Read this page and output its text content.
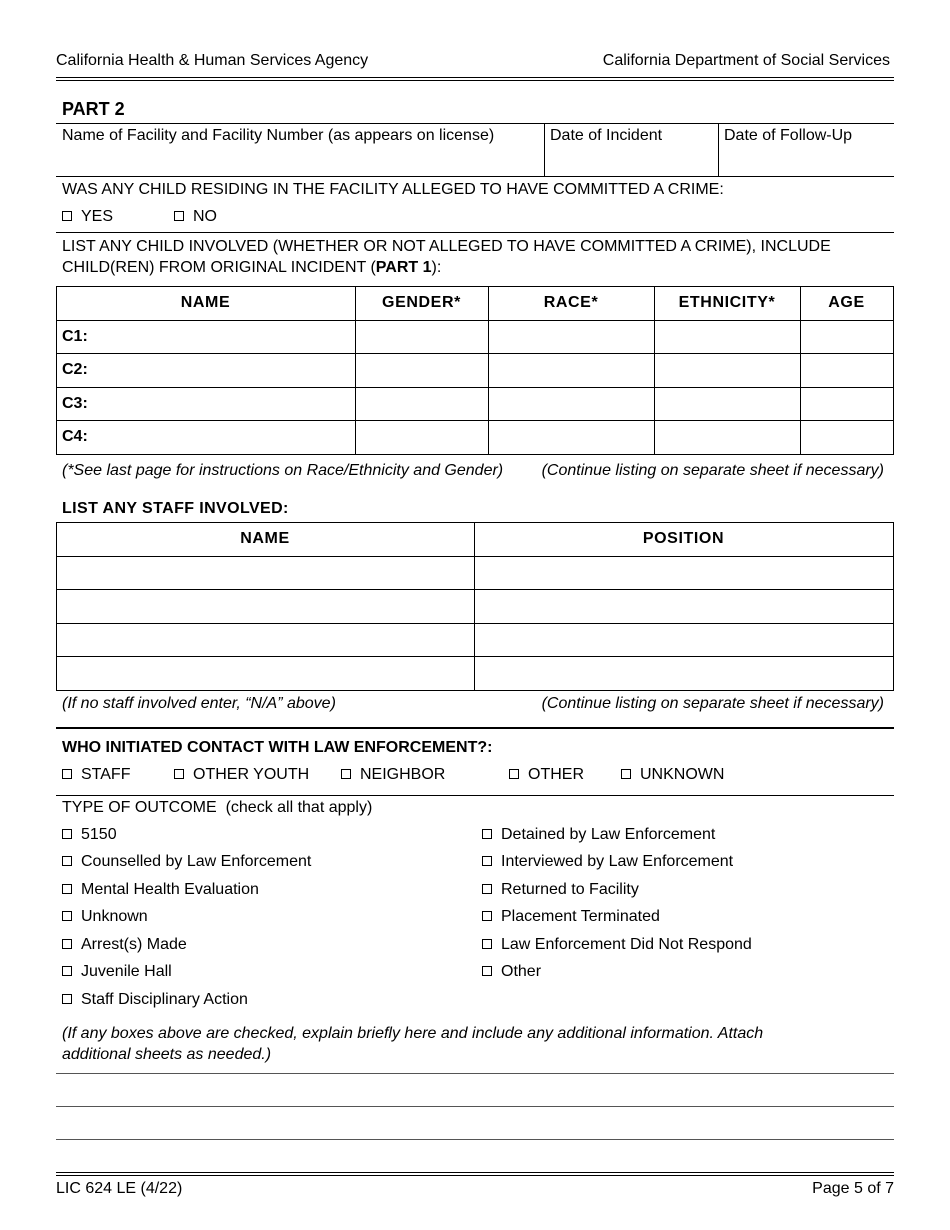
California Health & Human Services Agency	California Department of Social Services
PART 2
Name of Facility and Facility Number (as appears on license)	Date of Incident	Date of Follow-Up
WAS ANY CHILD RESIDING IN THE FACILITY ALLEGED TO HAVE COMMITTED A CRIME:
YES	NO
LIST ANY CHILD INVOLVED (WHETHER OR NOT ALLEGED TO HAVE COMMITTED A CRIME), INCLUDE
CHILD(REN) FROM ORIGINAL INCIDENT (PART 1):
NAME	GENDER*	RACE*	ETHNICITY*	AGE
C1:
C2:
C3:
C4:
(*See last page for instructions on Race/Ethnicity and Gender) (Continue listing on separate sheet if necessary)
LIST ANY STAFF INVOLVED:
NAME	POSITION
(If no staff involved enter, “N/A” above)	(Continue listing on separate sheet if necessary)
WHO INITIATED CONTACT WITH LAW ENFORCEMENT?:
STAFF	OTHER YOUTH	NEIGHBOR	OTHER	UNKNOWN
TYPE OF OUTCOME  (check all that apply)
5150
Counselled by Law Enforcement
Mental Health Evaluation
Unknown
Arrest(s) Made
Juvenile Hall
Staff Disciplinary Action
Detained by Law Enforcement
Interviewed by Law Enforcement
Returned to Facility
Placement Terminated
Law Enforcement Did Not Respond
Other
(If any boxes above are checked, explain briefly here and include any additional information. Attach
additional sheets as needed.)
LIC 624 LE (4/22)	Page 5 of 7
